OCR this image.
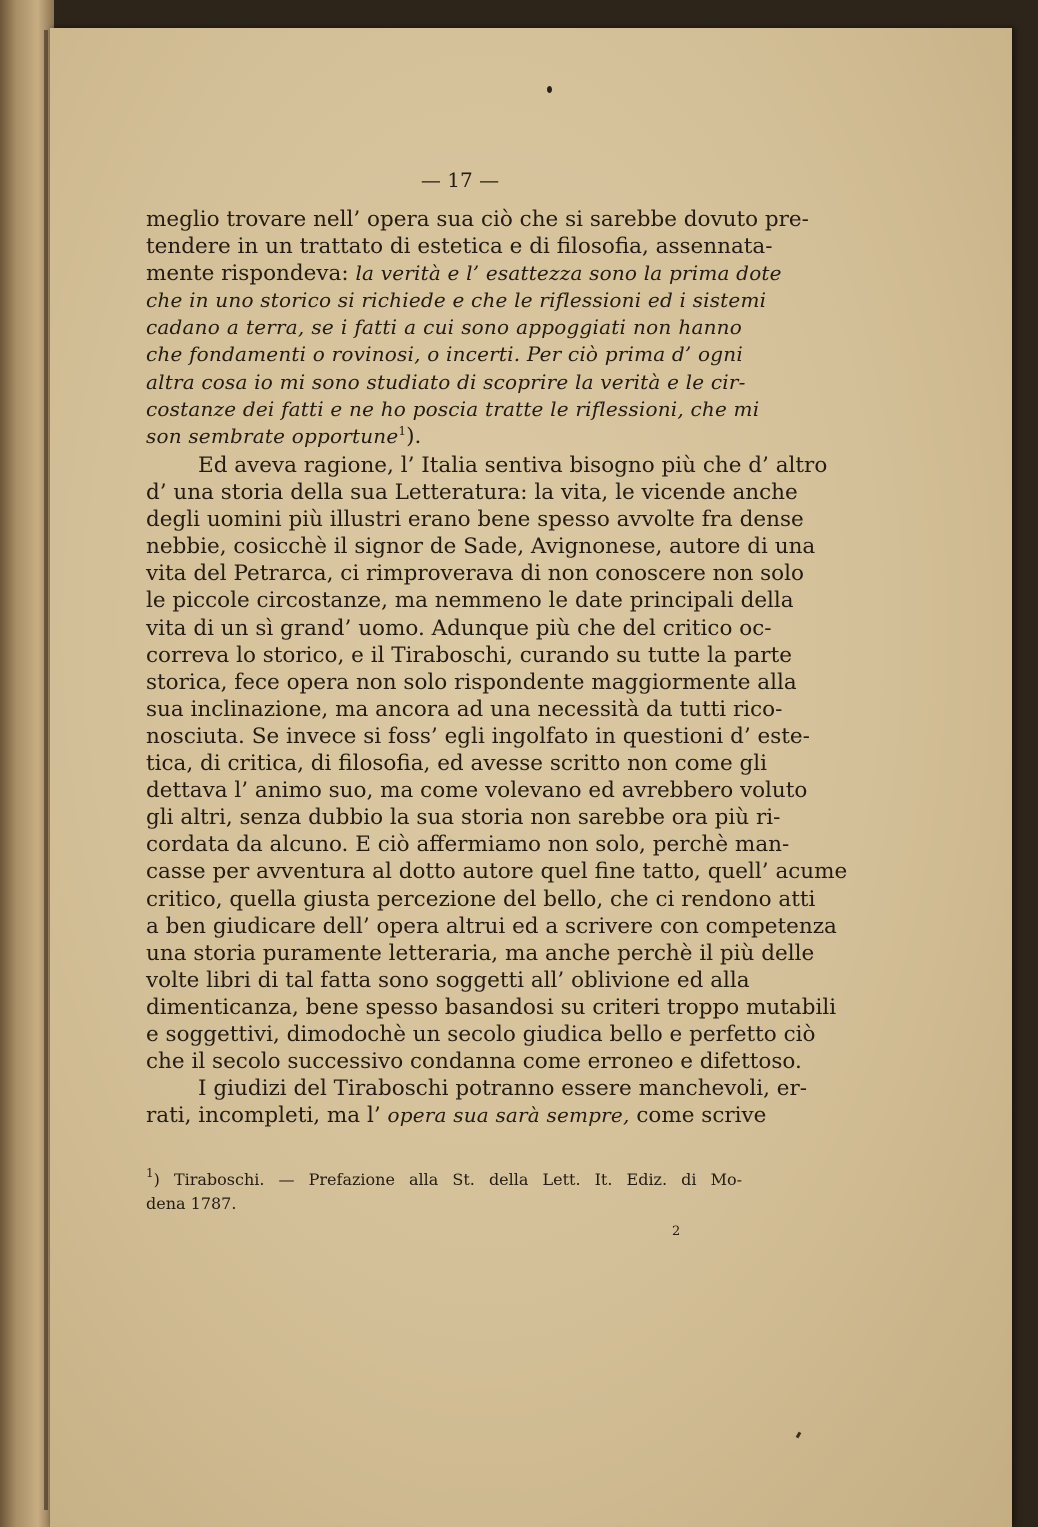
— 17 —

meglio trovare nell’ opera sua ciò che si sarebbe dovuto pre-
tendere in un trattato di estetica e di filosofia, assennata-
mente rispondeva: la verità e l’ esattezza sono la prima dote
che in uno storico si richiede e che le riflessioni ed i sistemi
cadano a terra, se i fatti a cui sono appoggiati non hanno
che fondamenti o rovinosi, o incerti. Per ciò prima d’ ogni
altra cosa io mi sono studiato di scoprire la verità e le cir-
costanze dei fatti e ne ho poscia tratte le riflessioni, che mi
son sembrate opportune$^1$).
Ed aveva ragione, l’ Italia sentiva bisogno più che d’ altro
d’ una storia della sua Letteratura: la vita, le vicende anche
degli uomini più illustri erano bene spesso avvolte fra dense
nebbie, cosicchè il signor de Sade, Avignonese, autore di una
vita del Petrarca, ci rimproverava di non conoscere non solo
le piccole circostanze, ma nemmeno le date principali della
vita di un sì grand’ uomo. Adunque più che del critico oc-
correva lo storico, e il Tiraboschi, curando su tutte la parte
storica, fece opera non solo rispondente maggiormente alla
sua inclinazione, ma ancora ad una necessità da tutti rico-
nosciuta. Se invece si foss’ egli ingolfato in questioni d’ este-
tica, di critica, di filosofia, ed avesse scritto non come gli
dettava l’ animo suo, ma come volevano ed avrebbero voluto
gli altri, senza dubbio la sua storia non sarebbe ora più ri-
cordata da alcuno. E ciò affermiamo non solo, perchè man-
casse per avventura al dotto autore quel fine tatto, quell’ acume
critico, quella giusta percezione del bello, che ci rendono atti
a ben giudicare dell’ opera altrui ed a scrivere con competenza
una storia puramente letteraria, ma anche perchè il più delle
volte libri di tal fatta sono soggetti all’ oblivione ed alla
dimenticanza, bene spesso basandosi su criteri troppo mutabili
e soggettivi, dimodochè un secolo giudica bello e perfetto ciò
che il secolo successivo condanna come erroneo e difettoso.
I giudizi del Tiraboschi potranno essere manchevoli, er-
rati, incompleti, ma l’ opera sua sarà sempre, come scrive
$^1$) Tiraboschi. — Prefazione alla St. della Lett. It. Ediz. di Mo-
dena 1787.

2
